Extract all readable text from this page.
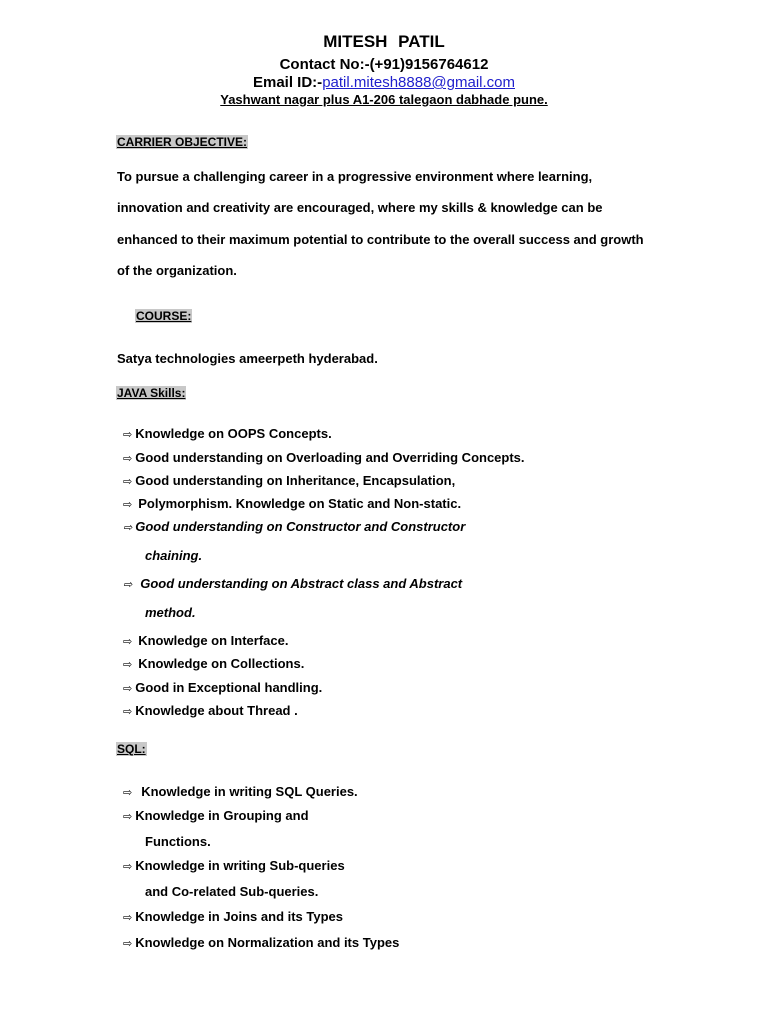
MITESH PATIL
Contact No:-(+91)9156764612
Email ID:-patil.mitesh8888@gmail.com
Yashwant nagar plus A1-206 talegaon dabhade pune.
CARRIER OBJECTIVE:
To pursue a challenging career in a progressive environment where learning,
innovation and creativity are encouraged, where my skills & knowledge can be
enhanced to their maximum potential to contribute to the overall success and growth
of the organization.
COURSE:
Satya technologies ameerpeth hyderabad.
JAVA Skills:
⇨ Knowledge on OOPS Concepts.
⇨ Good understanding on Overloading and Overriding Concepts.
⇨ Good understanding on Inheritance, Encapsulation,
⇨ Polymorphism. Knowledge on Static and Non-static.
⇨ Good understanding on Constructor and Constructor
chaining.
⇨ Good understanding on Abstract class and Abstract
method.
⇨ Knowledge on Interface.
⇨ Knowledge on Collections.
⇨ Good in Exceptional handling.
⇨ Knowledge about Thread .
SQL:
⇨ Knowledge in writing SQL Queries.
⇨ Knowledge in Grouping and
Functions.
⇨ Knowledge in writing Sub-queries
and Co-related Sub-queries.
⇨ Knowledge in Joins and its Types
⇨ Knowledge on Normalization and its Types
